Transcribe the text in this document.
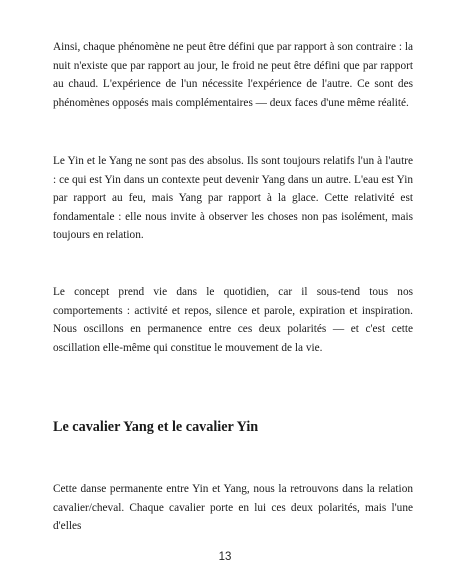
Ainsi, chaque phénomène ne peut être défini que par rapport à son contraire : la nuit n'existe que par rapport au jour, le froid ne peut être défini que par rapport au chaud. L'expérience de l'un nécessite l'expérience de l'autre. Ce sont des phénomènes opposés mais complémentaires — deux faces d'une même réalité.

Le Yin et le Yang ne sont pas des absolus. Ils sont toujours relatifs l'un à l'autre : ce qui est Yin dans un contexte peut devenir Yang dans un autre. L'eau est Yin par rapport au feu, mais Yang par rapport à la glace. Cette relativité est fondamentale : elle nous invite à observer les choses non pas isolément, mais toujours en relation.

Le concept prend vie dans le quotidien, car il sous-tend tous nos comportements : activité et repos, silence et parole, expiration et inspiration. Nous oscillons en permanence entre ces deux polarités — et c'est cette oscillation elle-même qui constitue le mouvement de la vie.

Le cavalier Yang et le cavalier Yin

Cette danse permanente entre Yin et Yang, nous la retrouvons dans la relation cavalier/cheval. Chaque cavalier porte en lui ces deux polarités, mais l'une d'elles

13
